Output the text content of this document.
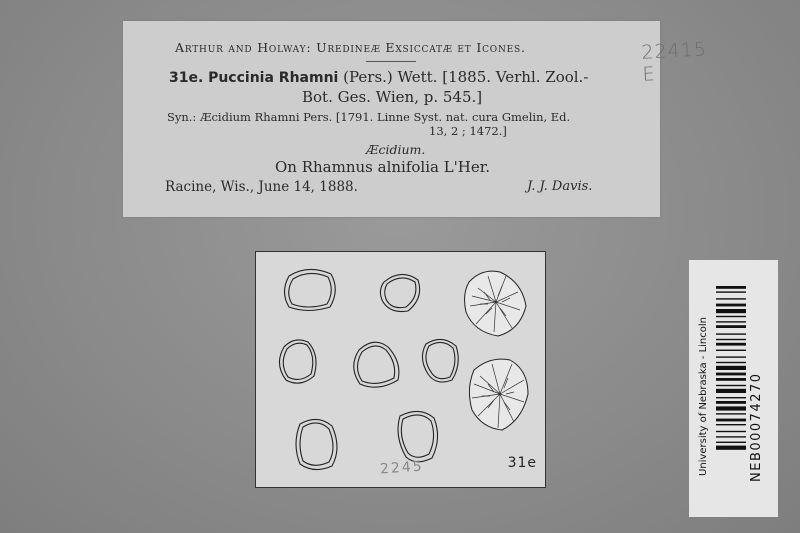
22415 E
Arthur and Holway: Uredineæ Exsiccatæ et Icones.
31e. Puccinia Rhamni (Pers.) Wett. [1885. Verhl. Zool.-
Bot. Ges. Wien, p. 545.]
Syn.: Æcidium Rhamni Pers. [1791. Linne Syst. nat. cura Gmelin, Ed.
13, 2 ; 1472.]
Æcidium.
On Rhamnus alnifolia L'Her.
Racine, Wis., June 14, 1888.	J. J. Davis.
31e
2245	University of Nebraska - Lincoln	NEB00074270
